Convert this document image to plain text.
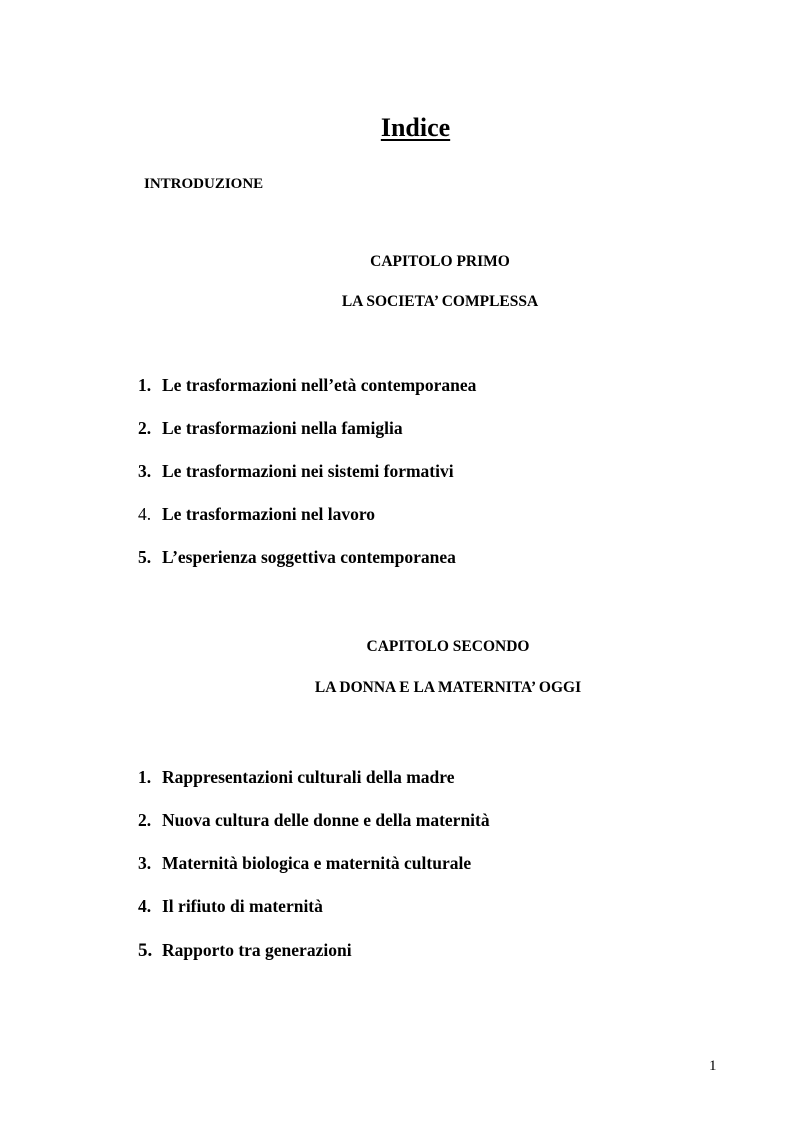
Indice
INTRODUZIONE
CAPITOLO PRIMO
LA SOCIETA’ COMPLESSA
1. Le trasformazioni nell’età contemporanea
2. Le trasformazioni nella famiglia
3. Le trasformazioni nei sistemi formativi
4. Le trasformazioni nel lavoro
5. L’esperienza soggettiva contemporanea
CAPITOLO SECONDO
LA DONNA E LA MATERNITA’ OGGI
1. Rappresentazioni culturali della madre
2. Nuova cultura delle donne e della maternità
3. Maternità biologica e maternità culturale
4. Il rifiuto di maternità
5. Rapporto tra generazioni
1
